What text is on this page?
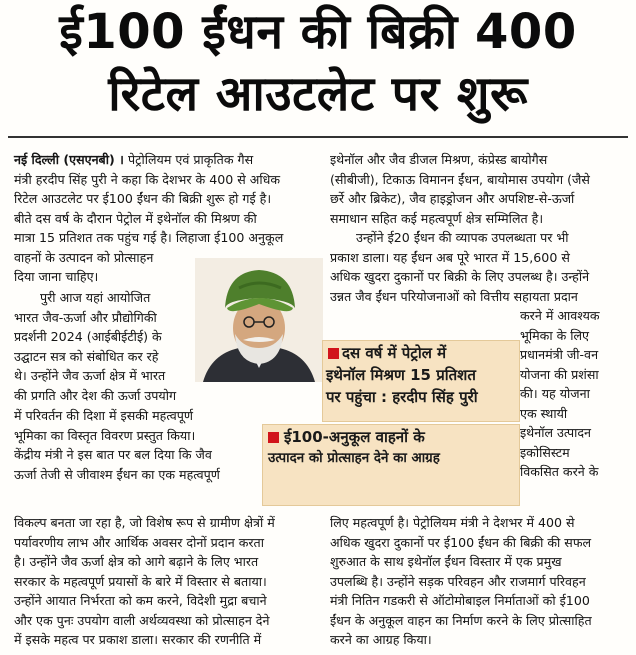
ई100 ईंधन की बिक्री 400
रिटेल आउटलेट पर शुरू
नई दिल्ली (एसएनबी) । पेट्रोलियम एवं प्राकृतिक गैस
मंत्री हरदीप सिंह पुरी ने कहा कि देशभर के 400 से अधिक
रिटेल आउटलेट पर ई100 ईंधन की बिक्री शुरू हो गई है।
बीते दस वर्ष के दौरान पेट्रोल में इथेनॉल की मिश्रण की
मात्रा 15 प्रतिशत तक पहुंच गई है। लिहाजा ई100 अनुकूल
वाहनों के उत्पादन को प्रोत्साहन
दिया जाना चाहिए।
पुरी आज यहां आयोजित
भारत जैव-ऊर्जा और प्रौद्योगिकी
प्रदर्शनी 2024 (आईबीईटीई) के
उद्घाटन सत्र को संबोधित कर रहे
थे। उन्होंने जैव ऊर्जा क्षेत्र में भारत
की प्रगति और देश की ऊर्जा उपयोग
में परिवर्तन की दिशा में इसकी महत्वपूर्ण
भूमिका का विस्तृत विवरण प्रस्तुत किया।
केंद्रीय मंत्री ने इस बात पर बल दिया कि जैव
ऊर्जा तेजी से जीवाश्म ईंधन का एक महत्वपूर्ण
विकल्प बनता जा रहा है, जो विशेष रूप से ग्रामीण क्षेत्रों में
पर्यावरणीय लाभ और आर्थिक अवसर दोनों प्रदान करता
है। उन्होंने जैव ऊर्जा क्षेत्र को आगे बढ़ाने के लिए भारत
सरकार के महत्वपूर्ण प्रयासों के बारे में विस्तार से बताया।
उन्होंने आयात निर्भरता को कम करने, विदेशी मुद्रा बचाने
और एक पुनः उपयोग वाली अर्थव्यवस्था को प्रोत्साहन देने
में इसके महत्व पर प्रकाश डाला। सरकार की रणनीति में
इथेनॉल और जैव डीजल मिश्रण, कंप्रेस्ड बायोगैस
(सीबीजी), टिकाऊ विमानन ईंधन, बायोमास उपयोग (जैसे
छर्रे और ब्रिकेट), जैव हाइड्रोजन और अपशिष्ट-से-ऊर्जा
समाधान सहित कई महत्वपूर्ण क्षेत्र सम्मिलित है।
उन्होंने ई20 ईंधन की व्यापक उपलब्धता पर भी
प्रकाश डाला। यह ईंधन अब पूरे भारत में 15,600 से
अधिक खुदरा दुकानों पर बिक्री के लिए उपलब्ध है। उन्होंने
उन्नत जैव ईंधन परियोजनाओं को वित्तीय सहायता प्रदान
करने में आवश्यक
भूमिका के लिए
प्रधानमंत्री जी-वन
योजना की प्रशंसा
की। यह योजना
एक स्थायी
इथेनॉल उत्पादन
इकोसिस्टम
विकसित करने के
लिए महत्वपूर्ण है। पेट्रोलियम मंत्री ने देशभर में 400 से
अधिक खुदरा दुकानों पर ई100 ईंधन की बिक्री की सफल
शुरुआत के साथ इथेनॉल ईंधन विस्तार में एक प्रमुख
उपलब्धि है। उन्होंने सड़क परिवहन और राजमार्ग परिवहन
मंत्री नितिन गडकरी से ऑटोमोबाइल निर्माताओं को ई100
ईंधन के अनुकूल वाहन का निर्माण करने के लिए प्रोत्साहित
करने का आग्रह किया।
दस वर्ष में पेट्रोल में
इथेनॉल मिश्रण 15 प्रतिशत
पर पहुंचा : हरदीप सिंह पुरी
ई100-अनुकूल वाहनों के
उत्पादन को प्रोत्साहन देने का आग्रह
